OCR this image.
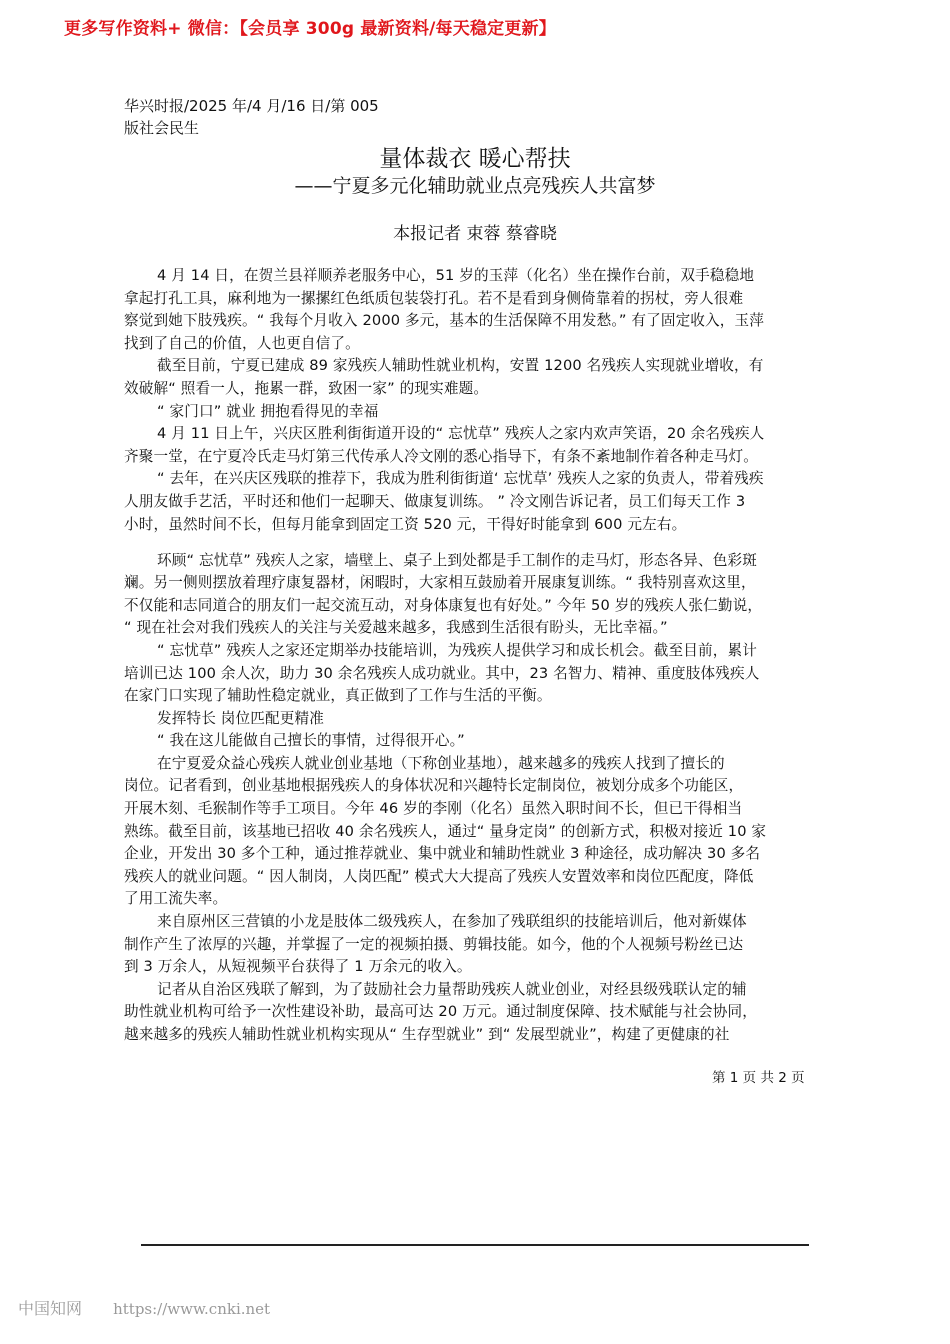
更多写作资料+ 微信：【会员享 300g 最新资料/每天稳定更新】
华兴时报/2025 年/4 月/16 日/第 005
版社会民生
量体裁衣 暖心帮扶
——宁夏多元化辅助就业点亮残疾人共富梦
本报记者 束蓉 蔡睿晓
4 月 14 日，在贺兰县祥顺养老服务中心，51 岁的玉萍（化名）坐在操作台前，双手稳稳地
拿起打孔工具，麻利地为一摞摞红色纸质包装袋打孔。若不是看到身侧倚靠着的拐杖，旁人很难
察觉到她下肢残疾。“ 我每个月收入 2000 多元，基本的生活保障不用发愁。” 有了固定收入，玉萍
找到了自己的价值，人也更自信了。
截至目前，宁夏已建成 89 家残疾人辅助性就业机构，安置 1200 名残疾人实现就业增收，有
效破解“ 照看一人，拖累一群，致困一家” 的现实难题。
“ 家门口” 就业 拥抱看得见的幸福
4 月 11 日上午，兴庆区胜利街街道开设的“ 忘忧草” 残疾人之家内欢声笑语，20 余名残疾人
齐聚一堂，在宁夏冷氏走马灯第三代传承人冷文刚的悉心指导下，有条不紊地制作着各种走马灯。
“ 去年，在兴庆区残联的推荐下，我成为胜利街街道‘ 忘忧草’ 残疾人之家的负责人，带着残疾
人朋友做手艺活，平时还和他们一起聊天、做康复训练。 ” 冷文刚告诉记者，员工们每天工作 3
小时，虽然时间不长，但每月能拿到固定工资 520 元，干得好时能拿到 600 元左右。
环顾“ 忘忧草” 残疾人之家，墙壁上、桌子上到处都是手工制作的走马灯，形态各异、色彩斑
斓。另一侧则摆放着理疗康复器材，闲暇时，大家相互鼓励着开展康复训练。“ 我特别喜欢这里，
不仅能和志同道合的朋友们一起交流互动，对身体康复也有好处。” 今年 50 岁的残疾人张仁勤说，
“ 现在社会对我们残疾人的关注与关爱越来越多，我感到生活很有盼头，无比幸福。”
“ 忘忧草” 残疾人之家还定期举办技能培训，为残疾人提供学习和成长机会。截至目前，累计
培训已达 100 余人次，助力 30 余名残疾人成功就业。其中，23 名智力、精神、重度肢体残疾人
在家门口实现了辅助性稳定就业，真正做到了工作与生活的平衡。
发挥特长 岗位匹配更精准
“ 我在这儿能做自己擅长的事情，过得很开心。”
在宁夏爱众益心残疾人就业创业基地（下称创业基地），越来越多的残疾人找到了擅长的
岗位。记者看到，创业基地根据残疾人的身体状况和兴趣特长定制岗位，被划分成多个功能区，
开展木刻、毛猴制作等手工项目。今年 46 岁的李刚（化名）虽然入职时间不长，但已干得相当
熟练。截至目前，该基地已招收 40 余名残疾人，通过“ 量身定岗” 的创新方式，积极对接近 10 家
企业，开发出 30 多个工种，通过推荐就业、集中就业和辅助性就业 3 种途径，成功解决 30 多名
残疾人的就业问题。“ 因人制岗，人岗匹配” 模式大大提高了残疾人安置效率和岗位匹配度，降低
了用工流失率。
来自原州区三营镇的小龙是肢体二级残疾人，在参加了残联组织的技能培训后，他对新媒体
制作产生了浓厚的兴趣，并掌握了一定的视频拍摄、剪辑技能。如今，他的个人视频号粉丝已达
到 3 万余人，从短视频平台获得了 1 万余元的收入。
记者从自治区残联了解到，为了鼓励社会力量帮助残疾人就业创业，对经县级残联认定的辅
助性就业机构可给予一次性建设补助，最高可达 20 万元。通过制度保障、技术赋能与社会协同，
越来越多的残疾人辅助性就业机构实现从“ 生存型就业” 到“ 发展型就业”，构建了更健康的社
第 1 页 共 2 页
中国知网 https://www.cnki.net
